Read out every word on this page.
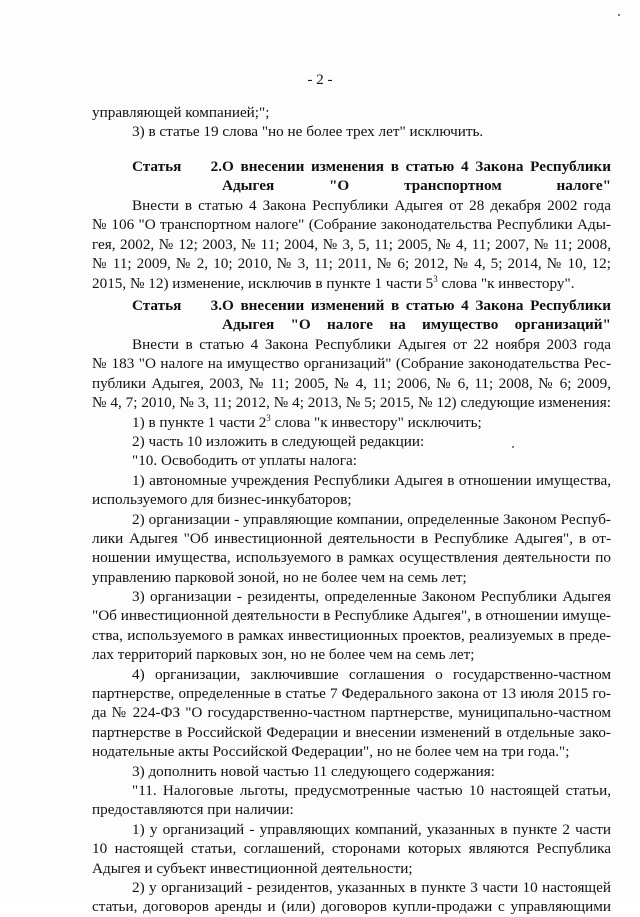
- 2 -
управляющей компанией;";
3) в статье 19 слова "но не более трех лет" исключить.
Статья 2. О внесении изменения в статью 4 Закона Республики
Адыгея "О транспортном налоге"
Внести в статью 4 Закона Республики Адыгея от 28 декабря 2002 года
№ 106 "О транспортном налоге" (Собрание законодательства Республики Ады-
гея, 2002, № 12; 2003, № 11; 2004, № 3, 5, 11; 2005, № 4, 11; 2007, № 11; 2008,
№ 11; 2009, № 2, 10; 2010, № 3, 11; 2011, № 6; 2012, № 4, 5; 2014, № 10, 12;
2015, № 12) изменение, исключив в пункте 1 части $5^3$ слова "к инвестору".
Статья 3. О внесении изменений в статью 4 Закона Республики
Адыгея "О налоге на имущество организаций"
Внести в статью 4 Закона Республики Адыгея от 22 ноября 2003 года
№ 183 "О налоге на имущество организаций" (Собрание законодательства Рес-
публики Адыгея, 2003, № 11; 2005, № 4, 11; 2006, № 6, 11; 2008, № 6; 2009,
№ 4, 7; 2010, № 3, 11; 2012, № 4; 2013, № 5; 2015, № 12) следующие изменения:
1) в пункте 1 части $2^3$ слова "к инвестору" исключить;
2) часть 10 изложить в следующей редакции:
"10. Освободить от уплаты налога:
1) автономные учреждения Республики Адыгея в отношении имущества,
используемого для бизнес-инкубаторов;
2) организации - управляющие компании, определенные Законом Респуб-
лики Адыгея "Об инвестиционной деятельности в Республике Адыгея", в от-
ношении имущества, используемого в рамках осуществления деятельности по
управлению парковой зоной, но не более чем на семь лет;
3) организации - резиденты, определенные Законом Республики Адыгея
"Об инвестиционной деятельности в Республике Адыгея", в отношении имуще-
ства, используемого в рамках инвестиционных проектов, реализуемых в преде-
лах территорий парковых зон, но не более чем на семь лет;
4) организации, заключившие соглашения о государственно-частном
партнерстве, определенные в статье 7 Федерального закона от 13 июля 2015 го-
да № 224-ФЗ "О государственно-частном партнерстве, муниципально-частном
партнерстве в Российской Федерации и внесении изменений в отдельные зако-
нодательные акты Российской Федерации", но не более чем на три года.";
3) дополнить новой частью 11 следующего содержания:
"11. Налоговые льготы, предусмотренные частью 10 настоящей статьи,
предоставляются при наличии:
1) у организаций - управляющих компаний, указанных в пункте 2 части
10 настоящей статьи, соглашений, сторонами которых являются Республика
Адыгея и субъект инвестиционной деятельности;
2) у организаций - резидентов, указанных в пункте 3 части 10 настоящей
статьи, договоров аренды и (или) договоров купли-продажи с управляющими
